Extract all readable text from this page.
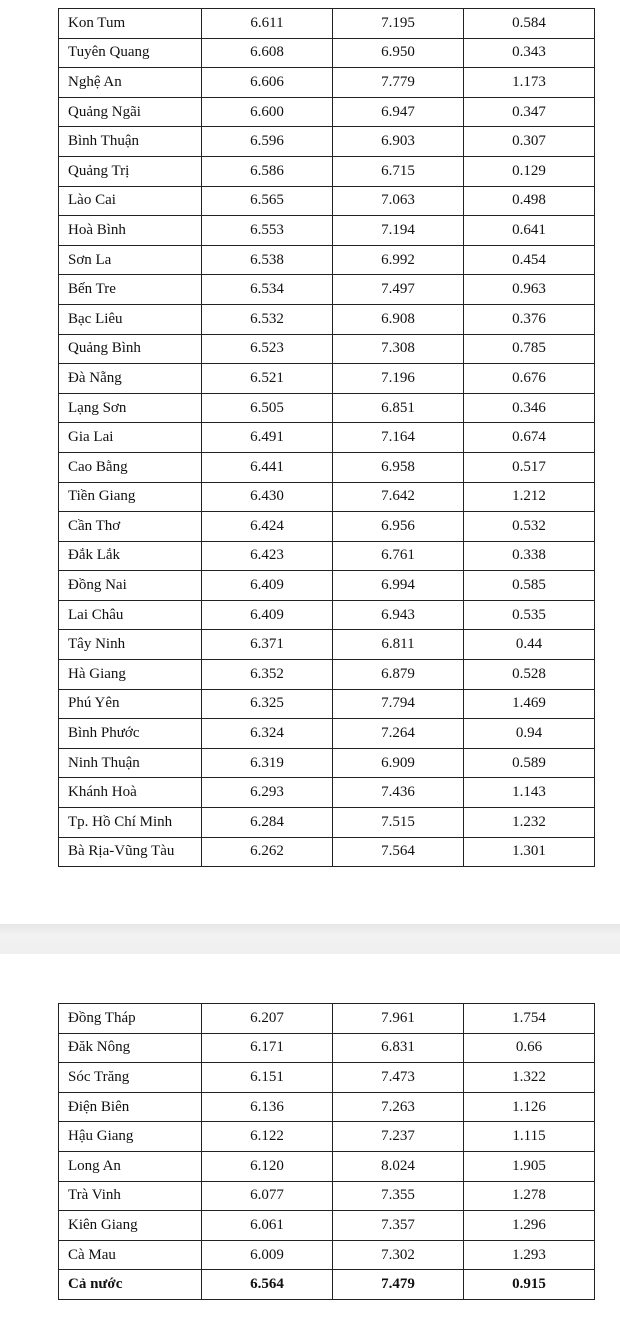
Kon Tum	6.611	7.195	0.584
Tuyên Quang	6.608	6.950	0.343
Nghệ An	6.606	7.779	1.173
Quảng Ngãi	6.600	6.947	0.347
Bình Thuận	6.596	6.903	0.307
Quảng Trị	6.586	6.715	0.129
Lào Cai	6.565	7.063	0.498
Hoà Bình	6.553	7.194	0.641
Sơn La	6.538	6.992	0.454
Bến Tre	6.534	7.497	0.963
Bạc Liêu	6.532	6.908	0.376
Quảng Bình	6.523	7.308	0.785
Đà Nẵng	6.521	7.196	0.676
Lạng Sơn	6.505	6.851	0.346
Gia Lai	6.491	7.164	0.674
Cao Bằng	6.441	6.958	0.517
Tiền Giang	6.430	7.642	1.212
Cần Thơ	6.424	6.956	0.532
Đắk Lắk	6.423	6.761	0.338
Đồng Nai	6.409	6.994	0.585
Lai Châu	6.409	6.943	0.535
Tây Ninh	6.371	6.811	0.44
Hà Giang	6.352	6.879	0.528
Phú Yên	6.325	7.794	1.469
Bình Phước	6.324	7.264	0.94
Ninh Thuận	6.319	6.909	0.589
Khánh Hoà	6.293	7.436	1.143
Tp. Hồ Chí Minh	6.284	7.515	1.232
Bà Rịa-Vũng Tàu	6.262	7.564	1.301
Đồng Tháp	6.207	7.961	1.754
Đăk Nông	6.171	6.831	0.66
Sóc Trăng	6.151	7.473	1.322
Điện Biên	6.136	7.263	1.126
Hậu Giang	6.122	7.237	1.115
Long An	6.120	8.024	1.905
Trà Vinh	6.077	7.355	1.278
Kiên Giang	6.061	7.357	1.296
Cà Mau	6.009	7.302	1.293
Cả nước	6.564	7.479	0.915
